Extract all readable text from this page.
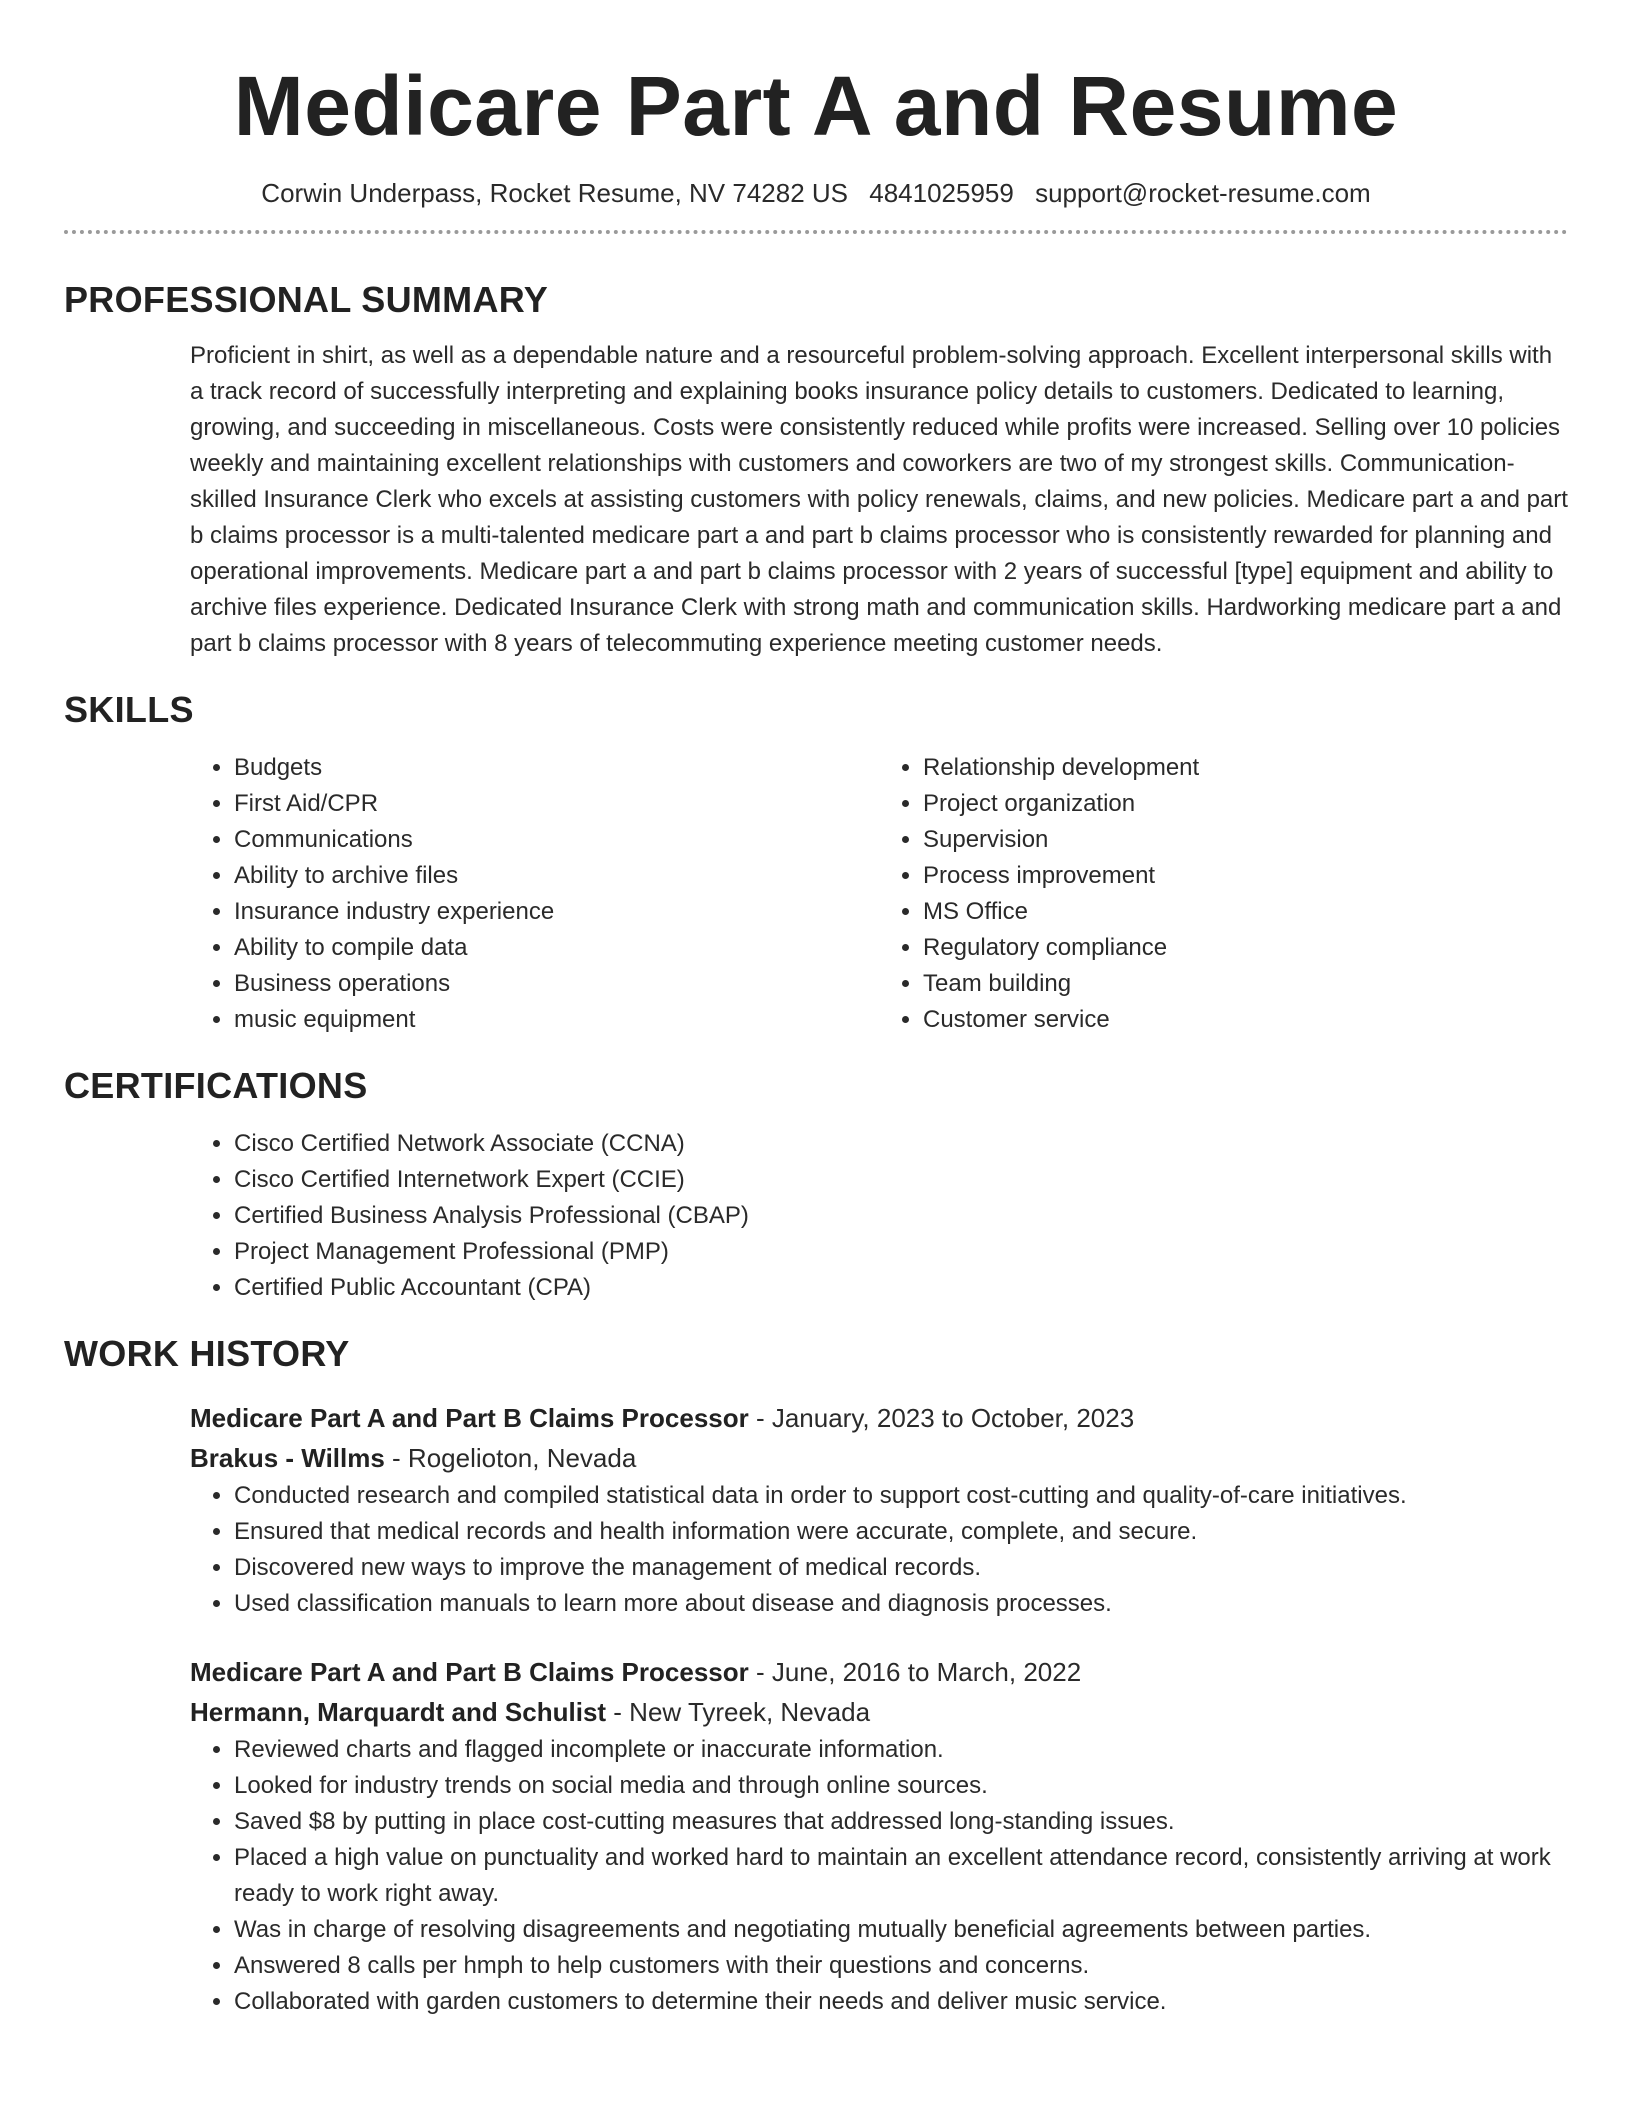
Medicare Part A and Resume
Corwin Underpass, Rocket Resume, NV 74282 US 4841025959 support@rocket-resume.com
PROFESSIONAL SUMMARY
Proficient in shirt, as well as a dependable nature and a resourceful problem-solving approach. Excellent interpersonal skills with a track record of successfully interpreting and explaining books insurance policy details to customers. Dedicated to learning, growing, and succeeding in miscellaneous. Costs were consistently reduced while profits were increased. Selling over 10 policies weekly and maintaining excellent relationships with customers and coworkers are two of my strongest skills. Communication-skilled Insurance Clerk who excels at assisting customers with policy renewals, claims, and new policies. Medicare part a and part b claims processor is a multi-talented medicare part a and part b claims processor who is consistently rewarded for planning and operational improvements. Medicare part a and part b claims processor with 2 years of successful [type] equipment and ability to archive files experience. Dedicated Insurance Clerk with strong math and communication skills. Hardworking medicare part a and part b claims processor with 8 years of telecommuting experience meeting customer needs.
SKILLS
• Budgets
• First Aid/CPR
• Communications
• Ability to archive files
• Insurance industry experience
• Ability to compile data
• Business operations
• music equipment
• Relationship development
• Project organization
• Supervision
• Process improvement
• MS Office
• Regulatory compliance
• Team building
• Customer service
CERTIFICATIONS
• Cisco Certified Network Associate (CCNA)
• Cisco Certified Internetwork Expert (CCIE)
• Certified Business Analysis Professional (CBAP)
• Project Management Professional (PMP)
• Certified Public Accountant (CPA)
WORK HISTORY
Medicare Part A and Part B Claims Processor - January, 2023 to October, 2023
Brakus - Willms - Rogelioton, Nevada
• Conducted research and compiled statistical data in order to support cost-cutting and quality-of-care initiatives.
• Ensured that medical records and health information were accurate, complete, and secure.
• Discovered new ways to improve the management of medical records.
• Used classification manuals to learn more about disease and diagnosis processes.
Medicare Part A and Part B Claims Processor - June, 2016 to March, 2022
Hermann, Marquardt and Schulist - New Tyreek, Nevada
• Reviewed charts and flagged incomplete or inaccurate information.
• Looked for industry trends on social media and through online sources.
• Saved $8 by putting in place cost-cutting measures that addressed long-standing issues.
• Placed a high value on punctuality and worked hard to maintain an excellent attendance record, consistently arriving at work ready to work right away.
• Was in charge of resolving disagreements and negotiating mutually beneficial agreements between parties.
• Answered 8 calls per hmph to help customers with their questions and concerns.
• Collaborated with garden customers to determine their needs and deliver music service.
